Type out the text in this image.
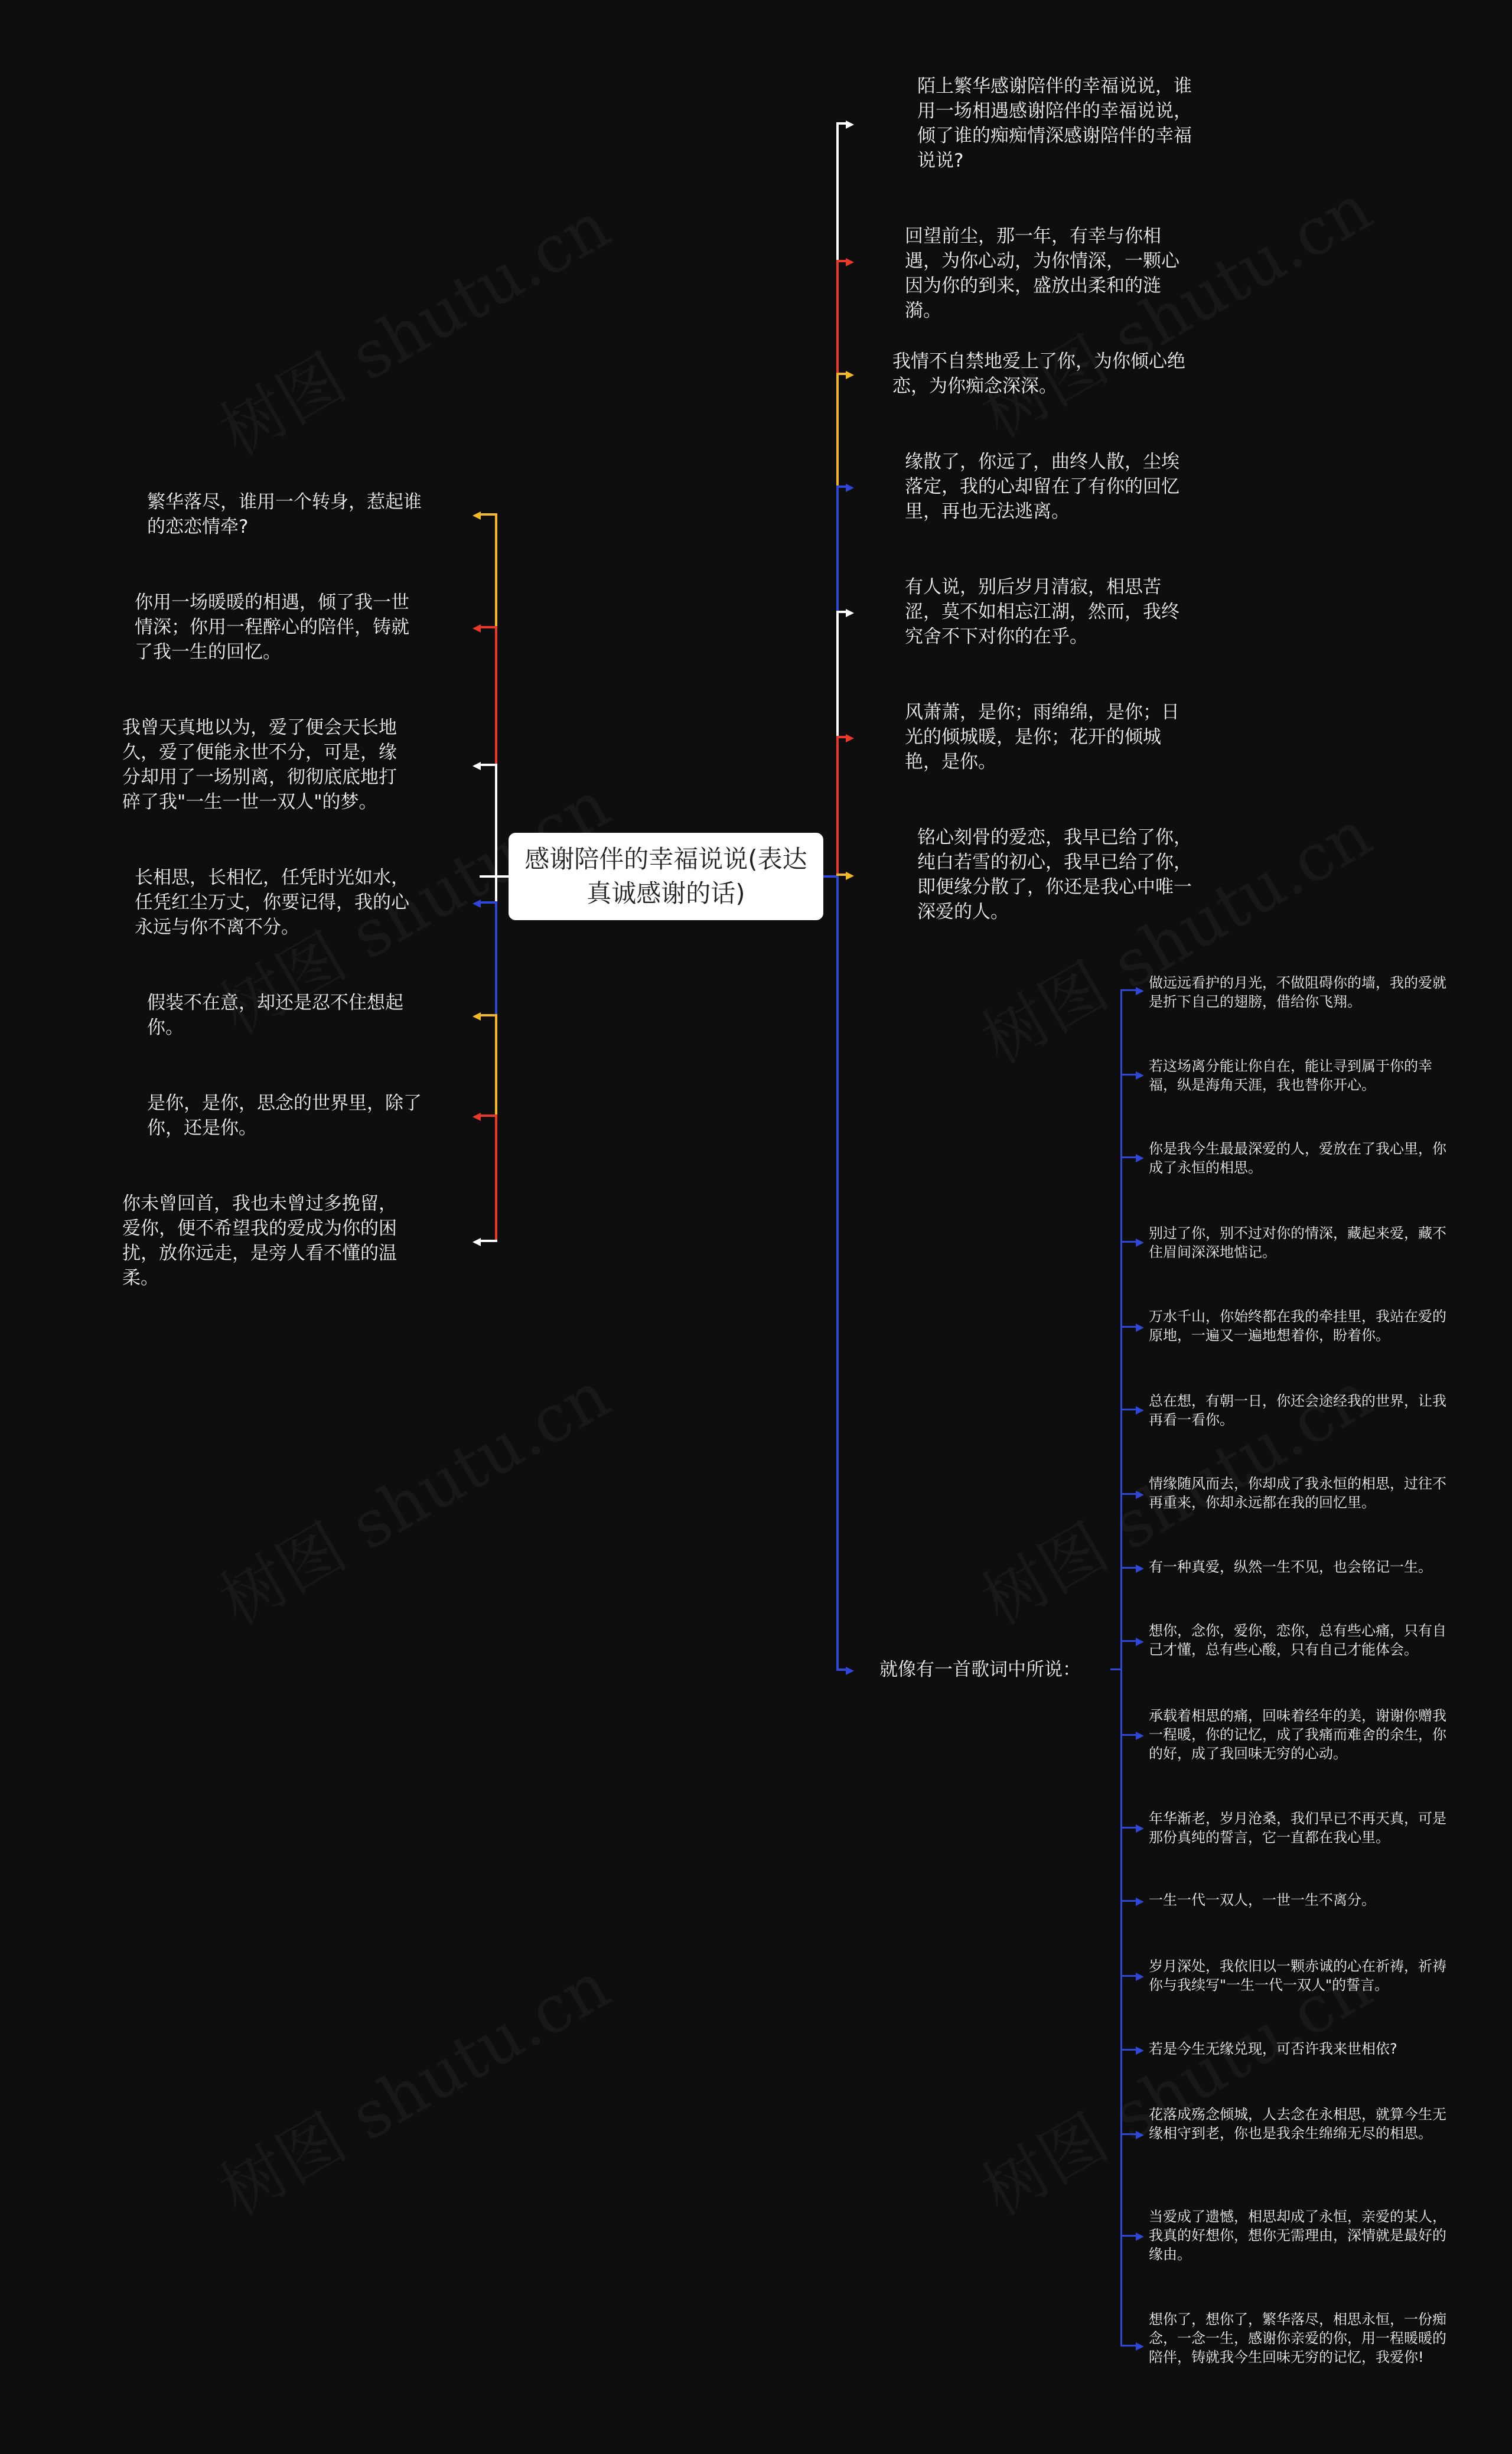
感谢陪伴的幸福说说(表达真诚感谢的话)
繁华落尽，谁用一个转身，惹起谁的恋恋情牵?
你用一场暖暖的相遇，倾了我一世情深；你用一程醉心的陪伴，铸就了我一生的回忆。
我曾天真地以为，爱了便会天长地久，爱了便能永世不分，可是，缘分却用了一场别离，彻彻底底地打碎了我"一生一世一双人"的梦。
长相思，长相忆，任凭时光如水，任凭红尘万丈，你要记得，我的心永远与你不离不分。
假装不在意，却还是忍不住想起你。
是你，是你，思念的世界里，除了你，还是你。
你未曾回首，我也未曾过多挽留，爱你，便不希望我的爱成为你的困扰，放你远走，是旁人看不懂的温柔。
陌上繁华感谢陪伴的幸福说说，谁用一场相遇感谢陪伴的幸福说说，倾了谁的痴痴情深感谢陪伴的幸福说说?
回望前尘，那一年，有幸与你相遇，为你心动，为你情深，一颗心因为你的到来，盛放出柔和的涟漪。
我情不自禁地爱上了你，为你倾心绝恋，为你痴念深深。
缘散了，你远了，曲终人散，尘埃落定，我的心却留在了有你的回忆里，再也无法逃离。
有人说，别后岁月清寂，相思苦涩，莫不如相忘江湖，然而，我终究舍不下对你的在乎。
风萧萧，是你；雨绵绵，是你；日光的倾城暖，是你；花开的倾城艳，是你。
铭心刻骨的爱恋，我早已给了你，纯白若雪的初心，我早已给了你，即便缘分散了，你还是我心中唯一深爱的人。
就像有一首歌词中所说：
做远远看护的月光，不做阻碍你的墙，我的爱就是折下自己的翅膀，借给你飞翔。
若这场离分能让你自在，能让寻到属于你的幸福，纵是海角天涯，我也替你开心。
你是我今生最最深爱的人，爱放在了我心里，你成了永恒的相思。
别过了你，别不过对你的情深，藏起来爱，藏不住眉间深深地惦记。
万水千山，你始终都在我的牵挂里，我站在爱的原地，一遍又一遍地想着你，盼着你。
总在想，有朝一日，你还会途经我的世界，让我再看一看你。
情缘随风而去，你却成了我永恒的相思，过往不再重来，你却永远都在我的回忆里。
有一种真爱，纵然一生不见，也会铭记一生。
想你，念你，爱你，恋你，总有些心痛，只有自己才懂，总有些心酸，只有自己才能体会。
承载着相思的痛，回味着经年的美，谢谢你赠我一程暖，你的记忆，成了我痛而难舍的余生，你的好，成了我回味无穷的心动。
年华渐老，岁月沧桑，我们早已不再天真，可是那份真纯的誓言，它一直都在我心里。
一生一代一双人，一世一生不离分。
岁月深处，我依旧以一颗赤诚的心在祈祷，祈祷你与我续写"一生一代一双人"的誓言。
若是今生无缘兑现，可否许我来世相依?
花落成殇念倾城，人去念在永相思，就算今生无缘相守到老，你也是我余生绵绵无尽的相思。
当爱成了遗憾，相思却成了永恒，亲爱的某人，我真的好想你，想你无需理由，深情就是最好的缘由。
想你了，想你了，繁华落尽，相思永恒，一份痴念，一念一生，感谢你亲爱的你，用一程暖暖的陪伴，铸就我今生回味无穷的记忆，我爱你!
